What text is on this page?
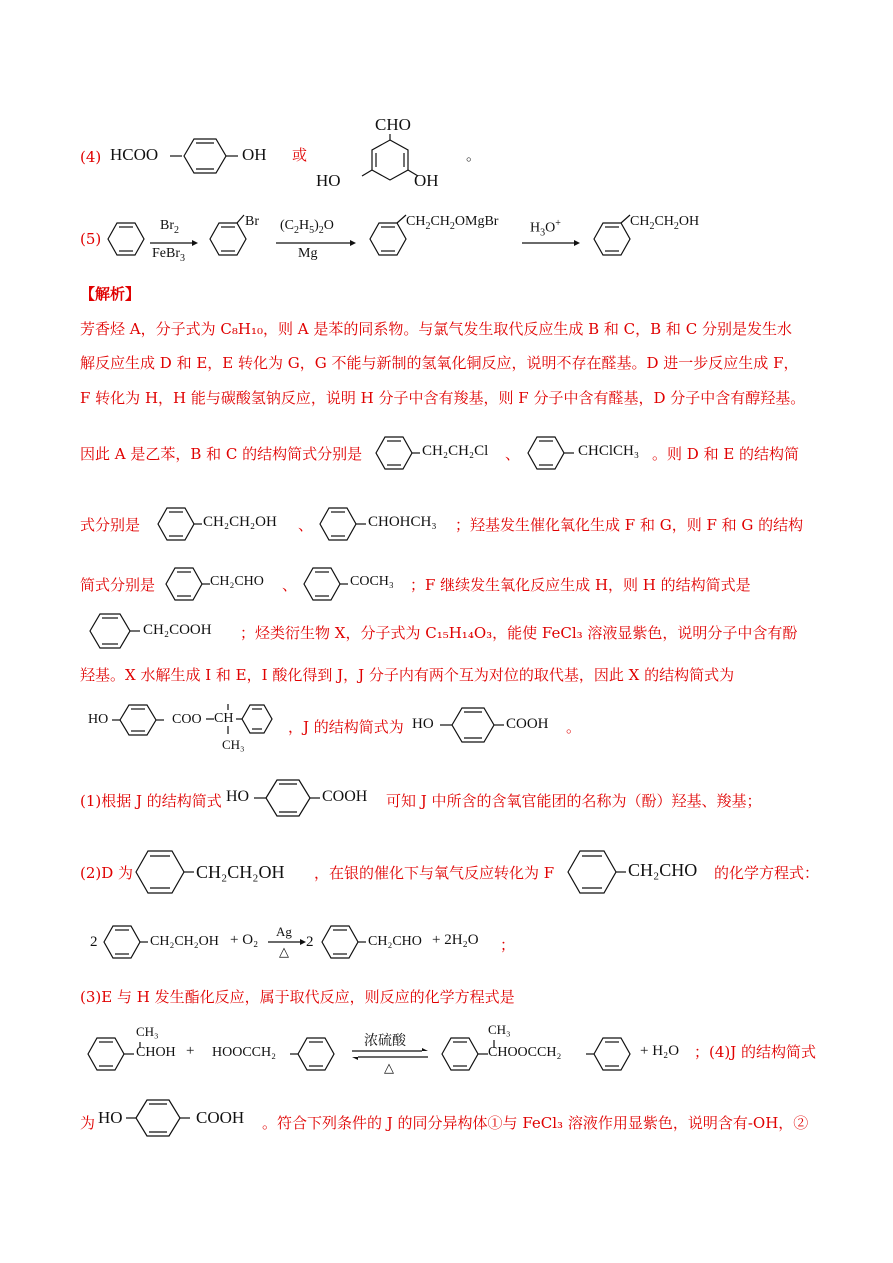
(4) HCOO	OH 或
CHO
HO	OH
。
(5)
$Br_2$
FeBr$_3$
Br $(C_2H_5)_2O$
Mg
$CH_2CH_2OMgBr$ $H_3O^+$	$CH_2CH_2OH$
【解析】
芳香烃 A，分子式为 C₈H₁₀，则 A 是苯的同系物。与氯气发生取代反应生成 B 和 C，B 和 C 分别是发生水
解反应生成 D 和 E，E 转化为 G，G 不能与新制的氢氧化铜反应，说明不存在醛基。D 进一步反应生成 F，
F 转化为 H，H 能与碳酸氢钠反应，说明 H 分子中含有羧基，则 F 分子中含有醛基，D 分子中含有醇羟基。
因此 A 是乙苯，B 和 C 的结构简式分别是	CH₂CH₂Cl 、	CHClCH₃ 。则 D 和 E 的结构简
式分别是	CH₂CH₂OH 、	CHOHCH₃ ；羟基发生催化氧化生成 F 和 G，则 F 和 G 的结构
简式分别是	CH₂CHO 、	COCH₃ ；F 继续发生氧化反应生成 H，则 H 的结构简式是
CH₂COOH ；烃类衍生物 X，分子式为 C₁₅H₁₄O₃，能使 FeCl₃ 溶液显紫色，说明分子中含有酚
羟基。X 水解生成 I 和 E，I 酸化得到 J，J 分子内有两个互为对位的取代基，因此 X 的结构简式为
HO	COO CH
CH₃
，J 的结构简式为 HO	COOH 。
(1)根据 J 的结构简式 HO	COOH 可知 J 中所含的含氧官能团的名称为（酚）羟基、羧基；
(2)D 为	CH₂CH₂OH ，在银的催化下与氧气反应转化为 F	CH₂CHO 的化学方程式：
2	CH₂CH₂OH + O₂
Ag
△
2	CH₂CHO + 2H₂O ；
(3)E 与 H 发生酯化反应，属于取代反应，则反应的化学方程式是
CH₃
CHOH + HOOCCH₂
浓硫酸
△
CH₃
CHOOCCH₂	+ H₂O ；(4)J 的结构简式
为 HO	COOH 。符合下列条件的 J 的同分异构体①与 FeCl₃ 溶液作用显紫色，说明含有-OH，②
